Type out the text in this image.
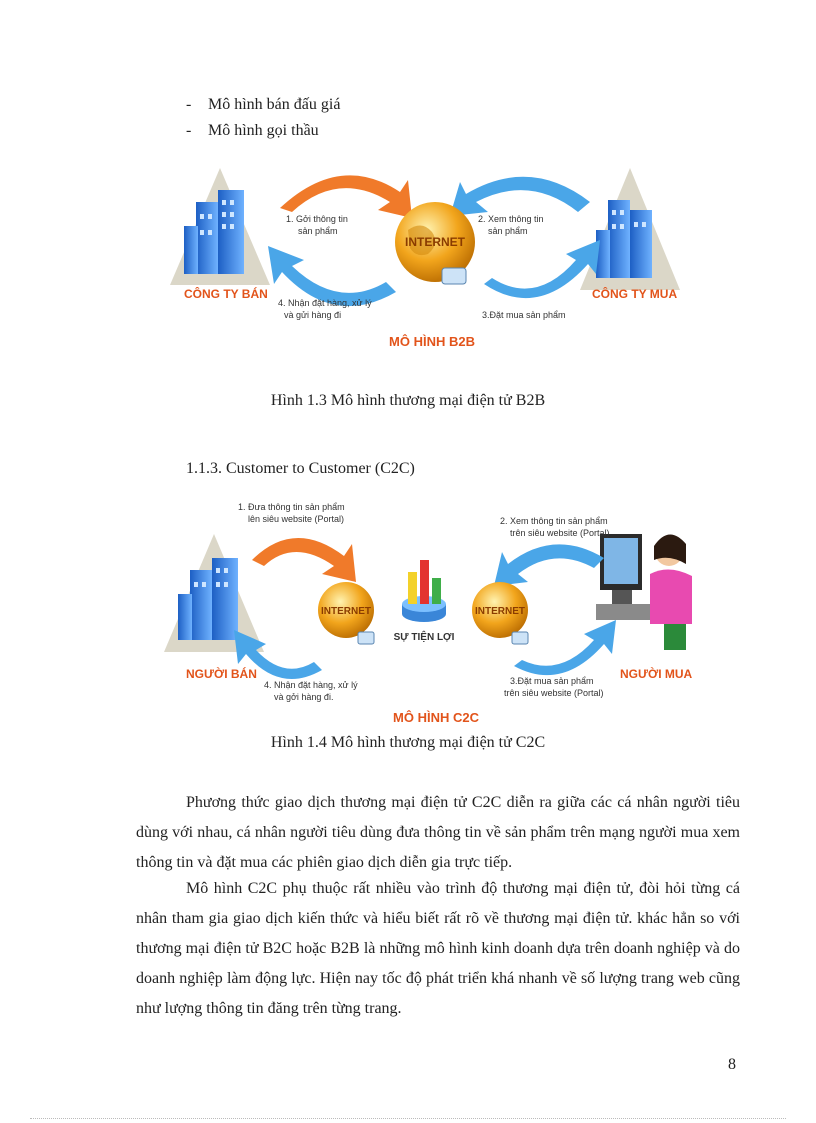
- Mô hình bán đấu giá
- Mô hình gọi thầu
CÔNG TY BÁN	CÔNG TY MUA
INTERNET
1. Gởi thông tin
sản phẩm
2. Xem thông tin
sản phẩm
3.Đặt mua sản phẩm
4. Nhận đặt hàng, xử lý
và gửi hàng đi
MÔ HÌNH B2B
Hình 1.3 Mô hình thương mại điện tử B2B
1.1.3. Customer to Customer (C2C)
NGƯỜI BÁN	NGƯỜI MUA
INTERNET	INTERNET
SỰ TIỆN LỢI
1. Đưa thông tin sản phẩm
lên siêu website (Portal)	2. Xem thông tin sản phẩm
trên siêu website (Portal)
3.Đặt mua sản phẩm
trên siêu website (Portal)
4. Nhận đặt hàng, xử lý
và gởi hàng đi.
MÔ HÌNH C2C
Hình 1.4 Mô hình thương mại điện tử C2C

Phương thức giao dịch thương mại điện tử C2C diễn ra giữa các cá nhân người tiêu dùng với nhau, cá nhân người tiêu dùng đưa thông tin về sản phẩm trên mạng người mua xem thông tin và đặt mua các phiên giao dịch diễn gia trực tiếp.

Mô hình C2C phụ thuộc rất nhiều vào trình độ thương mại điện tử, đòi hỏi từng cá nhân tham gia giao dịch kiến thức và hiểu biết rất rõ về thương mại điện tử. khác hẳn so với thương mại điện tử B2C hoặc B2B là những mô hình kinh doanh dựa trên doanh nghiệp và do doanh nghiệp làm động lực. Hiện nay tốc độ phát triển khá nhanh về số lượng trang web cũng như lượng thông tin đăng trên từng trang.

8
